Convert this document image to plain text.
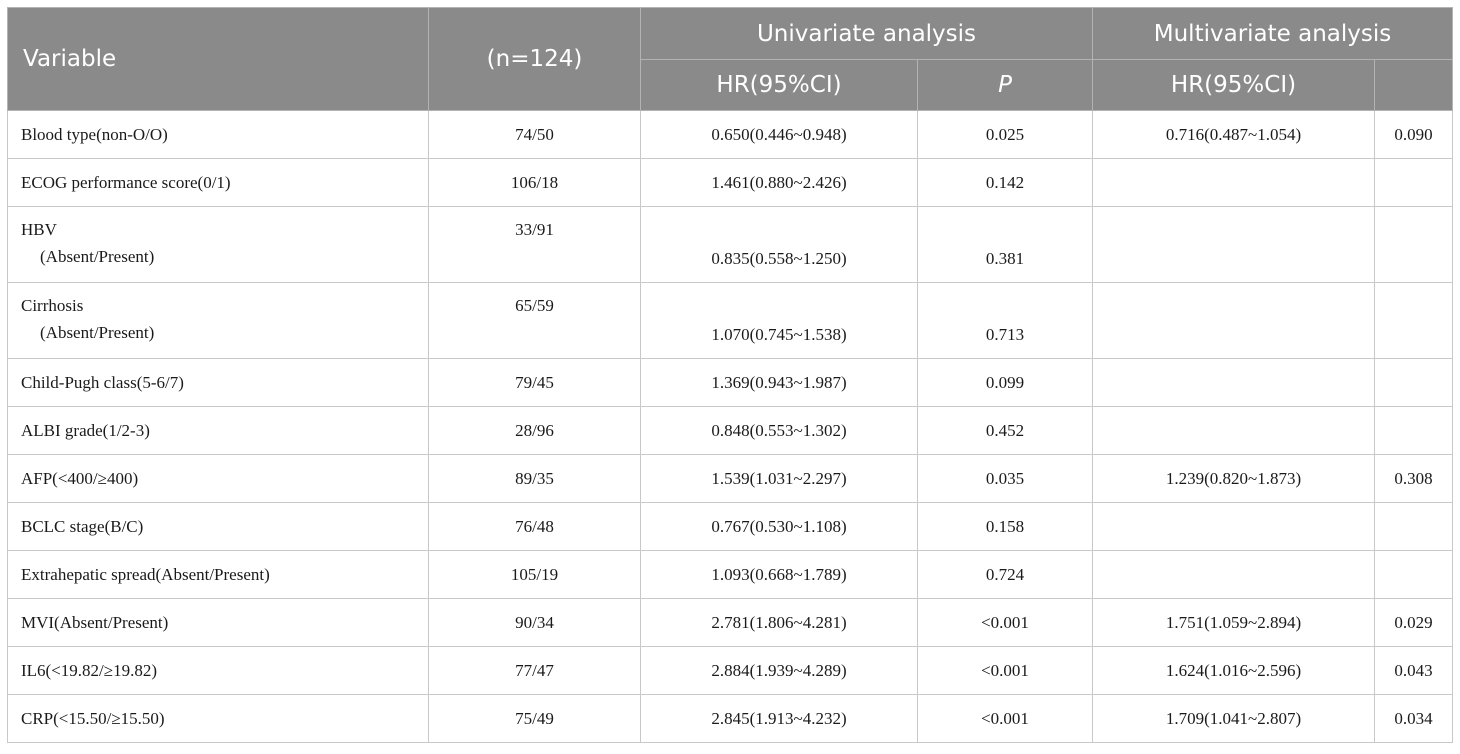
Variable	(n=124)	Univariate analysis		Multivariate analysis	
		HR(95%CI)	P	HR(95%CI)	
Blood type(non-O/O)	74/50	0.650(0.446~0.948)	0.025	0.716(0.487~1.054)	0.090
ECOG performance score(0/1)	106/18	1.461(0.880~2.426)	0.142		

HBV
(Absent/Present)	33/91	0.835(0.558~1.250)	0.381		

Cirrhosis
(Absent/Present)	65/59	1.070(0.745~1.538)	0.713		

Child-Pugh class(5-6/7)	79/45	1.369(0.943~1.987)	0.099		
ALBI grade(1/2-3)	28/96	0.848(0.553~1.302)	0.452		
AFP(<400/≥400)	89/35	1.539(1.031~2.297)	0.035	1.239(0.820~1.873)	0.308
BCLC stage(B/C)	76/48	0.767(0.530~1.108)	0.158		
Extrahepatic spread(Absent/Present)	105/19	1.093(0.668~1.789)	0.724		
MVI(Absent/Present)	90/34	2.781(1.806~4.281)	<0.001	1.751(1.059~2.894)	0.029
IL6(<19.82/≥19.82)	77/47	2.884(1.939~4.289)	<0.001	1.624(1.016~2.596)	0.043
CRP(<15.50/≥15.50)	75/49	2.845(1.913~4.232)	<0.001	1.709(1.041~2.807)	0.034
